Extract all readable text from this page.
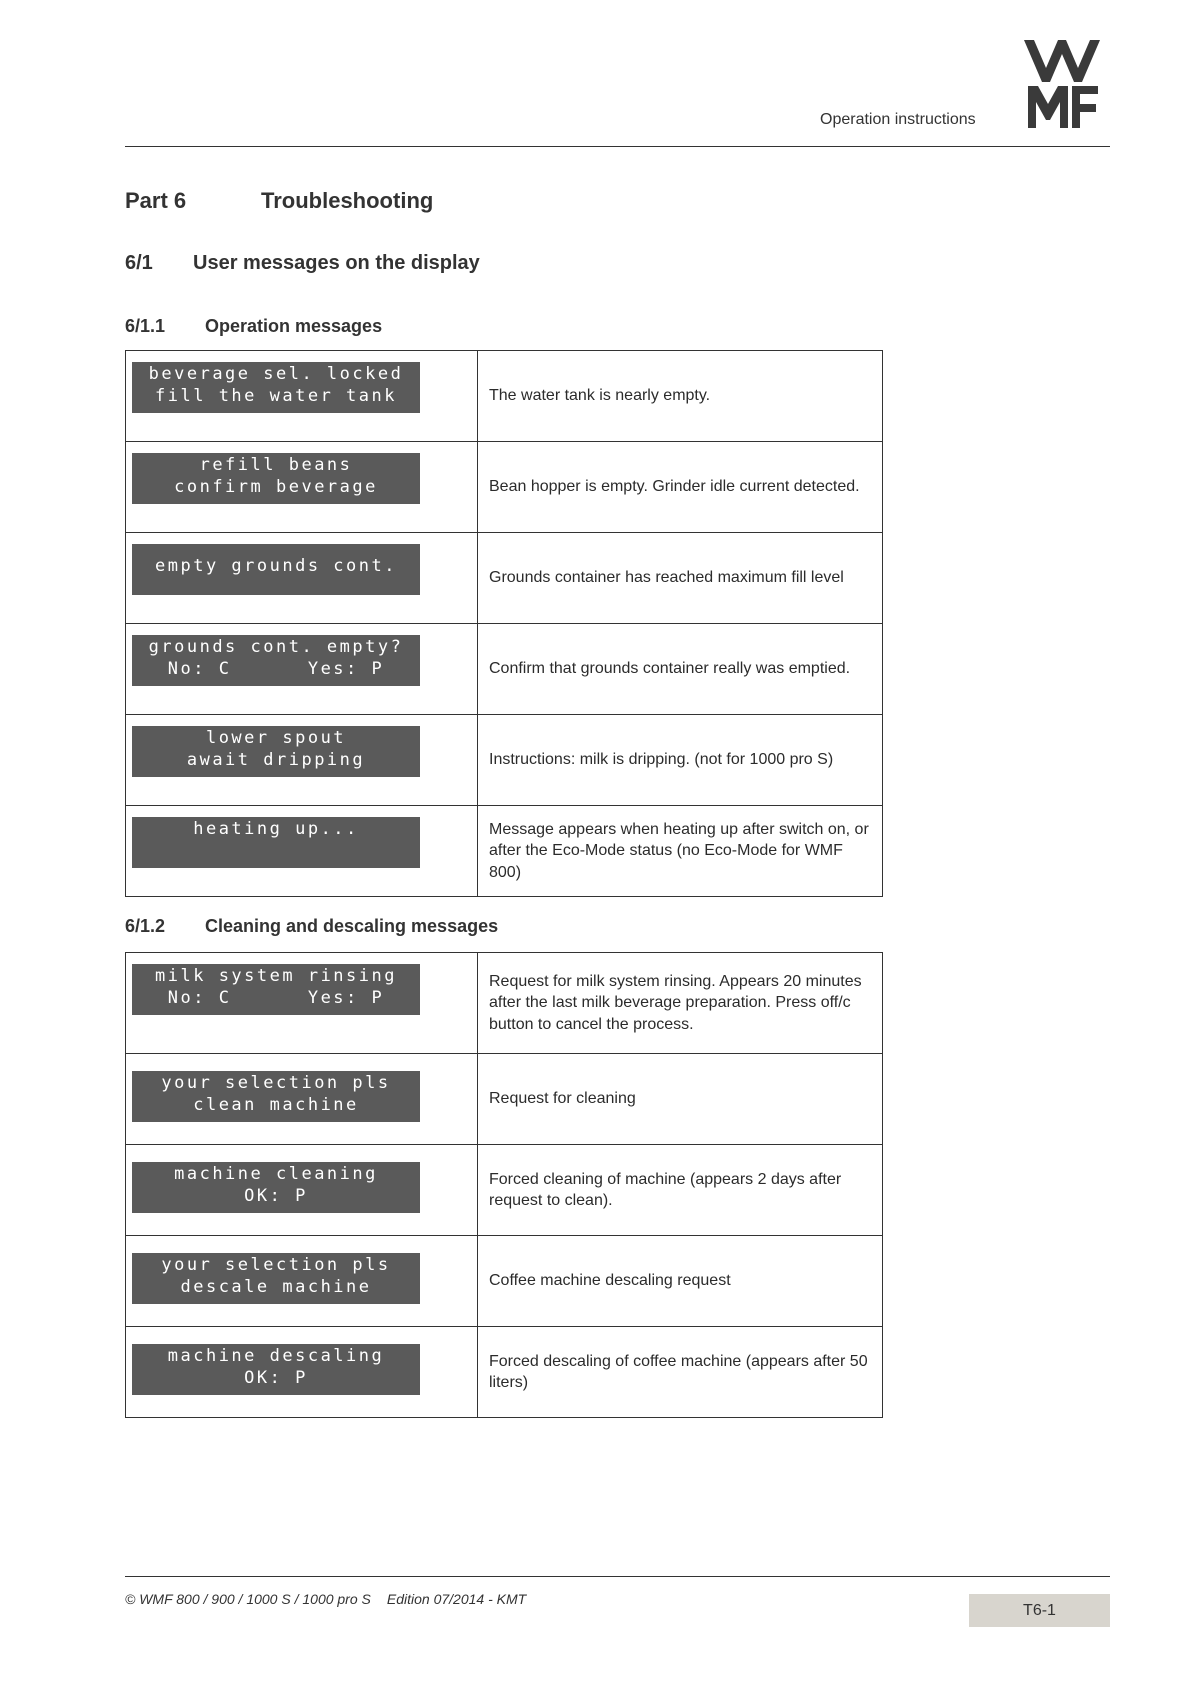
Operation instructions
Part 6	Troubleshooting
6/1 User messages on the display
6/1.1 Operation messages
beverage sel. locked
fill the water tank	The water tank is nearly empty.

refill beans
confirm beverage	Bean hopper is empty. Grinder idle current detected.

empty grounds cont.	Grounds container has reached maximum fill level

grounds cont. empty?
No: C      Yes: P	Confirm that grounds container really was emptied.

lower spout
await dripping	Instructions: milk is dripping. (not for 1000 pro S)

heating up...	Message appears when heating up after switch on, or after the Eco-Mode status (no Eco-Mode for WMF 800)
6/1.2 Cleaning and descaling messages
milk system rinsing
No: C      Yes: P	Request for milk system rinsing. Appears 20 minutes after the last milk beverage preparation. Press off/c button to cancel the process.

your selection pls
clean machine	Request for cleaning

machine cleaning
OK: P	Forced cleaning of machine (appears 2 days after request to clean).

your selection pls
descale machine	Coffee machine descaling request

machine descaling
OK: P	Forced descaling of coffee machine (appears after 50 liters)
© WMF 800 / 900 / 1000 S / 1000 pro S Edition 07/2014 - KMT
T6-1
